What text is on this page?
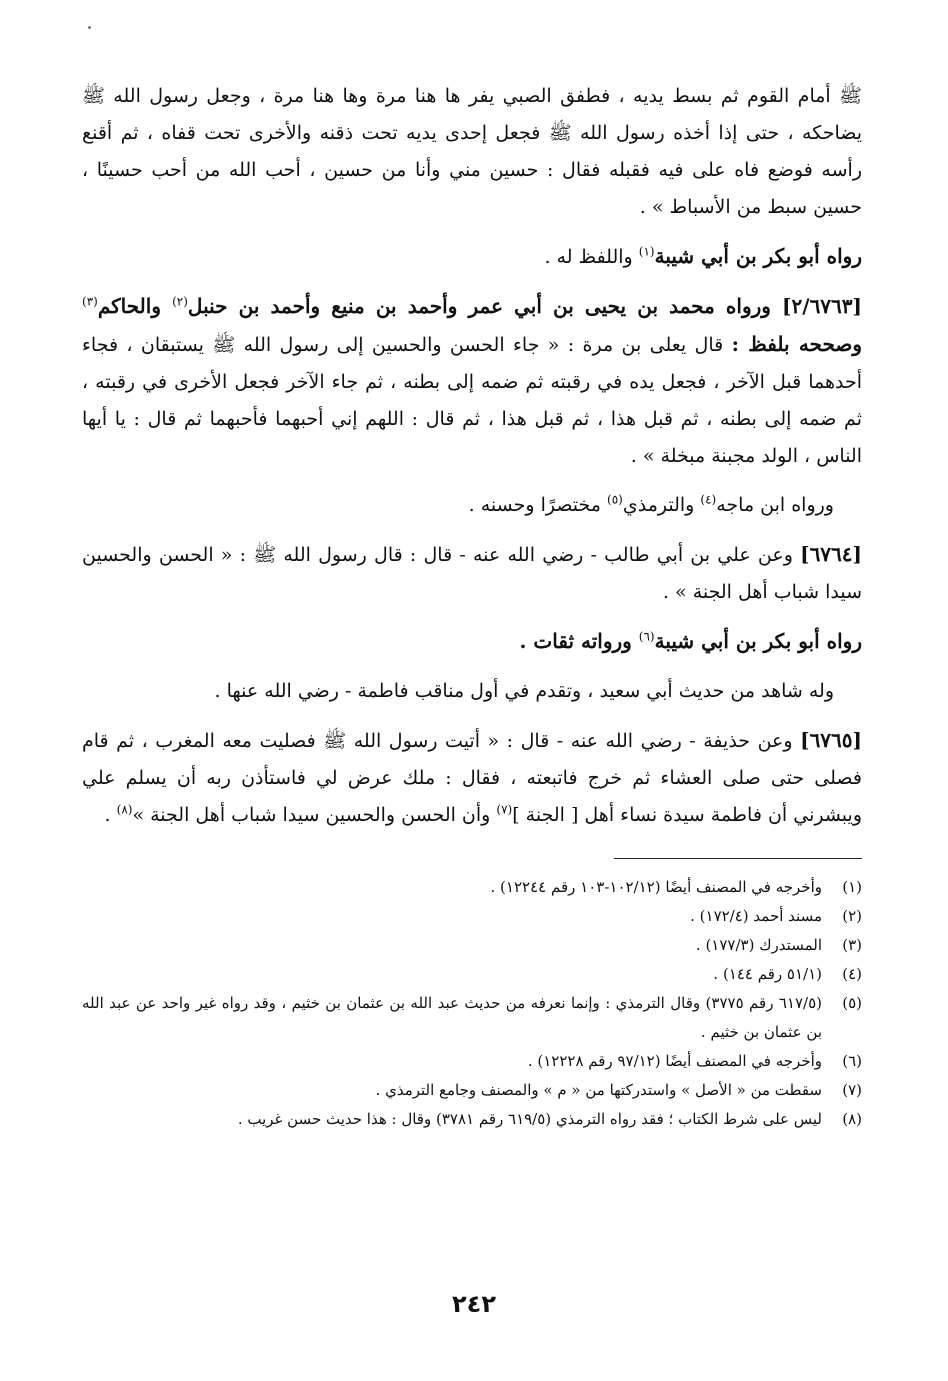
ﷺ أمام القوم ثم بسط يديه ، فطفق الصبي يفر ها هنا مرة وها هنا مرة ، وجعل رسول الله ﷺ يضاحكه ، حتى إذا أخذه رسول الله ﷺ فجعل إحدى يديه تحت ذقنه والأخرى تحت قفاه ، ثم أقنع رأسه فوضع فاه على فيه فقبله فقال : حسين مني وأنا من حسين ، أحب الله من أحب حسينًا ، حسين سبط من الأسباط » .

رواه أبو بكر بن أبي شيبة$^{(١)}$ واللفظ له .

[٢/٦٧٦٣] ورواه محمد بن يحيى بن أبي عمر وأحمد بن منيع وأحمد بن حنبل$^{(٢)}$ والحاكم$^{(٣)}$ وصححه بلفظ : قال يعلى بن مرة : « جاء الحسن والحسين إلى رسول الله ﷺ يستبقان ، فجاء أحدهما قبل الآخر ، فجعل يده في رقبته ثم ضمه إلى بطنه ، ثم جاء الآخر فجعل الأخرى في رقبته ، ثم ضمه إلى بطنه ، ثم قبل هذا ، ثم قبل هذا ، ثم قال : اللهم إني أحبهما فأحبهما ثم قال : يا أيها الناس ، الولد مجبنة مبخلة » .

ورواه ابن ماجه$^{(٤)}$ والترمذي$^{(٥)}$ مختصرًا وحسنه .

[٦٧٦٤] وعن علي بن أبي طالب - رضي الله عنه - قال : قال رسول الله ﷺ : « الحسن والحسين سيدا شباب أهل الجنة » .

رواه أبو بكر بن أبي شيبة$^{(٦)}$ ورواته ثقات .

وله شاهد من حديث أبي سعيد ، وتقدم في أول مناقب فاطمة - رضي الله عنها .

[٦٧٦٥] وعن حذيفة - رضي الله عنه - قال : « أتيت رسول الله ﷺ فصليت معه المغرب ، ثم قام فصلى حتى صلى العشاء ثم خرج فاتبعته ، فقال : ملك عرض لي فاستأذن ربه أن يسلم علي ويبشرني أن فاطمة سيدة نساء أهل [ الجنة ]$^{(٧)}$ وأن الحسن والحسين سيدا شباب أهل الجنة »$^{(٨)}$ .

(١)
وأخرجه في المصنف أيضًا (١٠٢/١٢-١٠٣ رقم ١٢٢٤٤) .
(٢)
مسند أحمد (١٧٢/٤) .
(٣)
المستدرك (١٧٧/٣) .
(٤)
(٥١/١ رقم ١٤٤) .
(٥)
(٦١٧/٥ رقم ٣٧٧٥) وقال الترمذي : وإنما نعرفه من حديث عبد الله بن عثمان بن خثيم ، وقد رواه غير واحد عن عبد الله بن عثمان بن خثيم .
(٦)
وأخرجه في المصنف أيضًا (٩٧/١٢ رقم ١٢٢٢٨) .
(٧)
سقطت من « الأصل » واستدركتها من « م » والمصنف وجامع الترمذي .
(٨)
ليس على شرط الكتاب ؛ فقد رواه الترمذي (٦١٩/٥ رقم ٣٧٨١) وقال : هذا حديث حسن غريب .
٢٤٢
